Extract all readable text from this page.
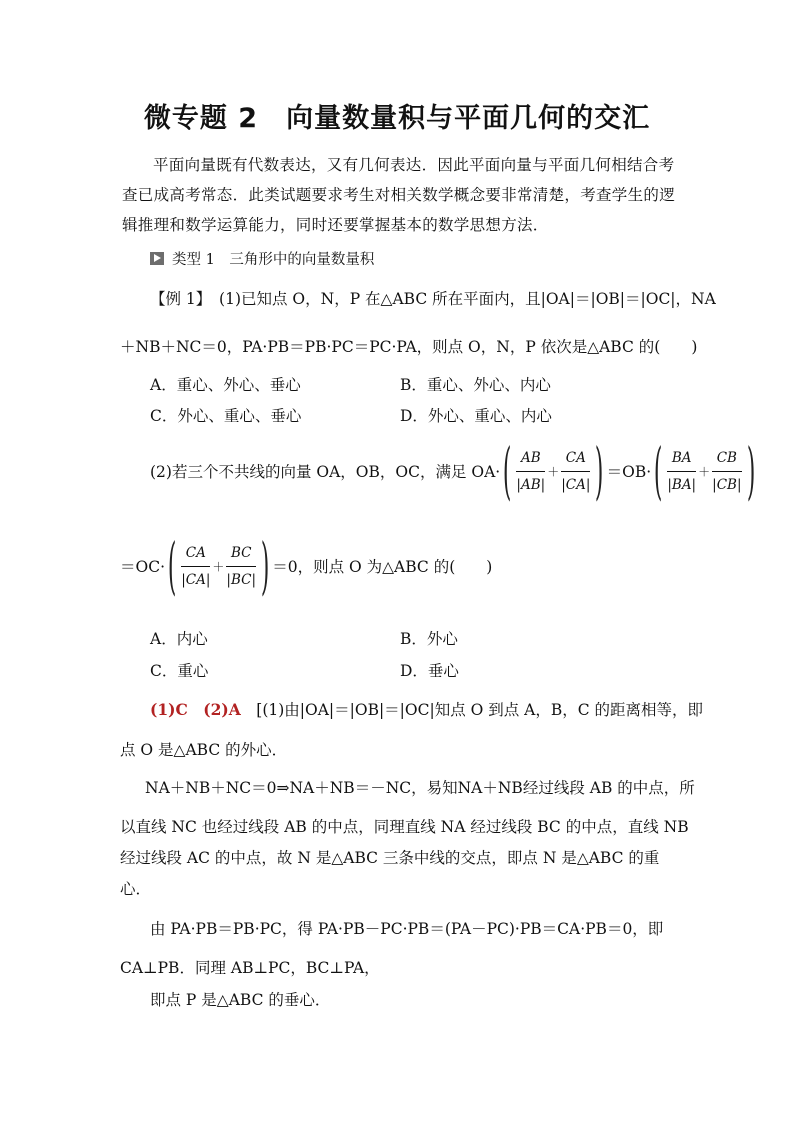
微专题 2　向量数量积与平面几何的交汇
平面向量既有代数表达，又有几何表达．因此平面向量与平面几何相结合考查已成高考常态．此类试题要求考生对相关数学概念要非常清楚，考查学生的逻辑推理和数学运算能力，同时还要掌握基本的数学思想方法．
类型 1　三角形中的向量数量积
【例 1】　(1)已知点 O，N，P 在△ABC 所在平面内，且|OA|＝|OB|＝|OC|，NA
＋NB＋NC＝0，PA·PB＝PB·PC＝PC·PA，则点 O，N，P 依次是△ABC 的(　　)
A．重心、外心、垂心	B．重心、外心、内心
C．外心、重心、垂心	D．外心、重心、内心
(2)若三个不共线的向量 OA，OB，OC，满足 OA· ( $\frac{AB}{|AB|} + \frac{CA}{|CA|}$ ) ＝OB· ( $\frac{BA}{|BA|} + \frac{CB}{|CB|}$ )
＝OC· ( $\frac{CA}{|CA|} + \frac{BC}{|BC|}$ ) ＝0，则点 O 为△ABC 的(　　)
A．内心	B．外心
C．重心	D．垂心
(1)C　(2)A　 [(1)由|OA|＝|OB|＝|OC|知点 O 到点 A，B，C 的距离相等，即
点 O 是△ABC 的外心．
NA＋NB＋NC＝0⇒NA＋NB＝－NC，易知NA＋NB经过线段 AB 的中点，所
以直线 NC 也经过线段 AB 的中点，同理直线 NA 经过线段 BC 的中点，直线 NB
经过线段 AC 的中点，故 N 是△ABC 三条中线的交点，即点 N 是△ABC 的重
心．
由 PA·PB＝PB·PC，得 PA·PB－PC·PB＝(PA－PC)·PB＝CA·PB＝0，即
CA⊥PB．同理 AB⊥PC，BC⊥PA，
即点 P 是△ABC 的垂心．
